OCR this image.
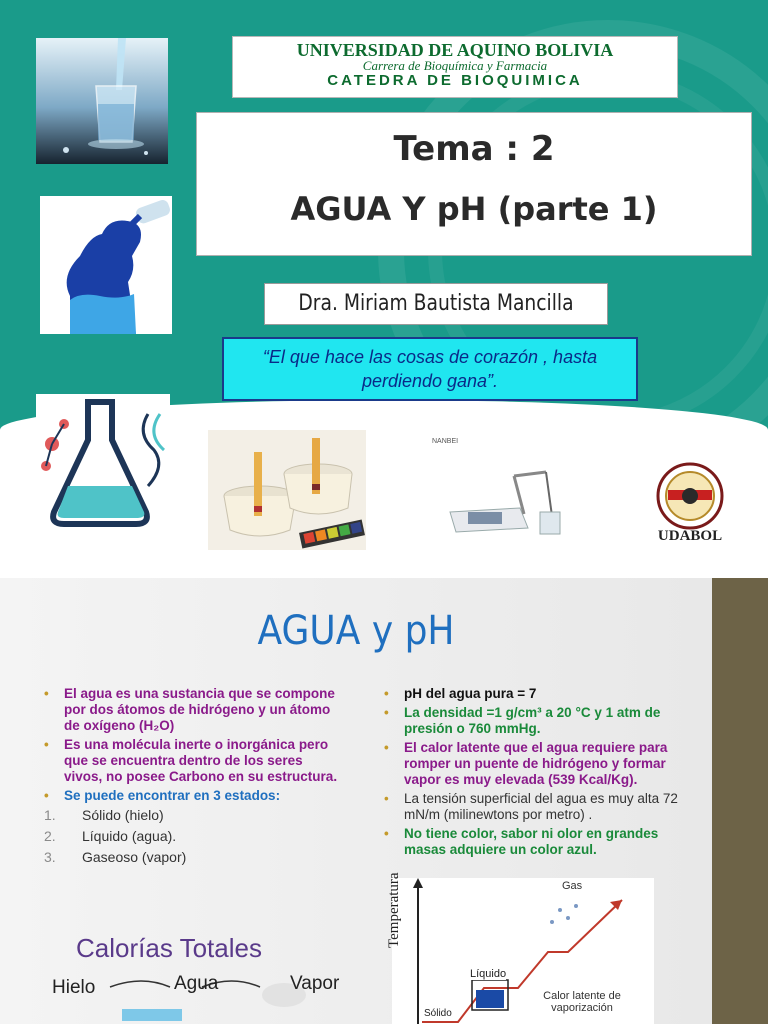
NANBEI
UNIVERSIDAD DE AQUINO BOLIVIA
Carrera de Bioquímica y Farmacia
CATEDRA DE BIOQUIMICA
Tema : 2
AGUA Y pH (parte 1)
Dra. Miriam Bautista Mancilla
“El que hace las cosas de corazón , hasta perdiendo gana”.
UDABOL
AGUA y pH
• El agua es una sustancia que se compone por dos átomos de hidrógeno y un átomo de oxígeno (H₂O)
• Es una molécula inerte o inorgánica pero que se encuentra dentro de los seres vivos, no posee Carbono en su estructura.
• Se puede encontrar en 3 estados:
1. Sólido (hielo)
2. Líquido (agua).
3. Gaseoso (vapor)
• pH del agua pura = 7
• La densidad =1 g/cm³ a 20 °C y 1 atm de presión o 760 mmHg.
• El calor latente que el agua requiere para romper un puente de hidrógeno y formar vapor es muy elevada (539 Kcal/Kg).
• La tensión superficial del agua es muy alta 72 mN/m (milinewtons por metro) .
• No tiene color, sabor ni olor en grandes masas adquiere un color azul.
Calorías Totales
Hielo	Agua	Vapor
Temperatura	Gas
Líquido
Sólido
Calor latente de vaporización
